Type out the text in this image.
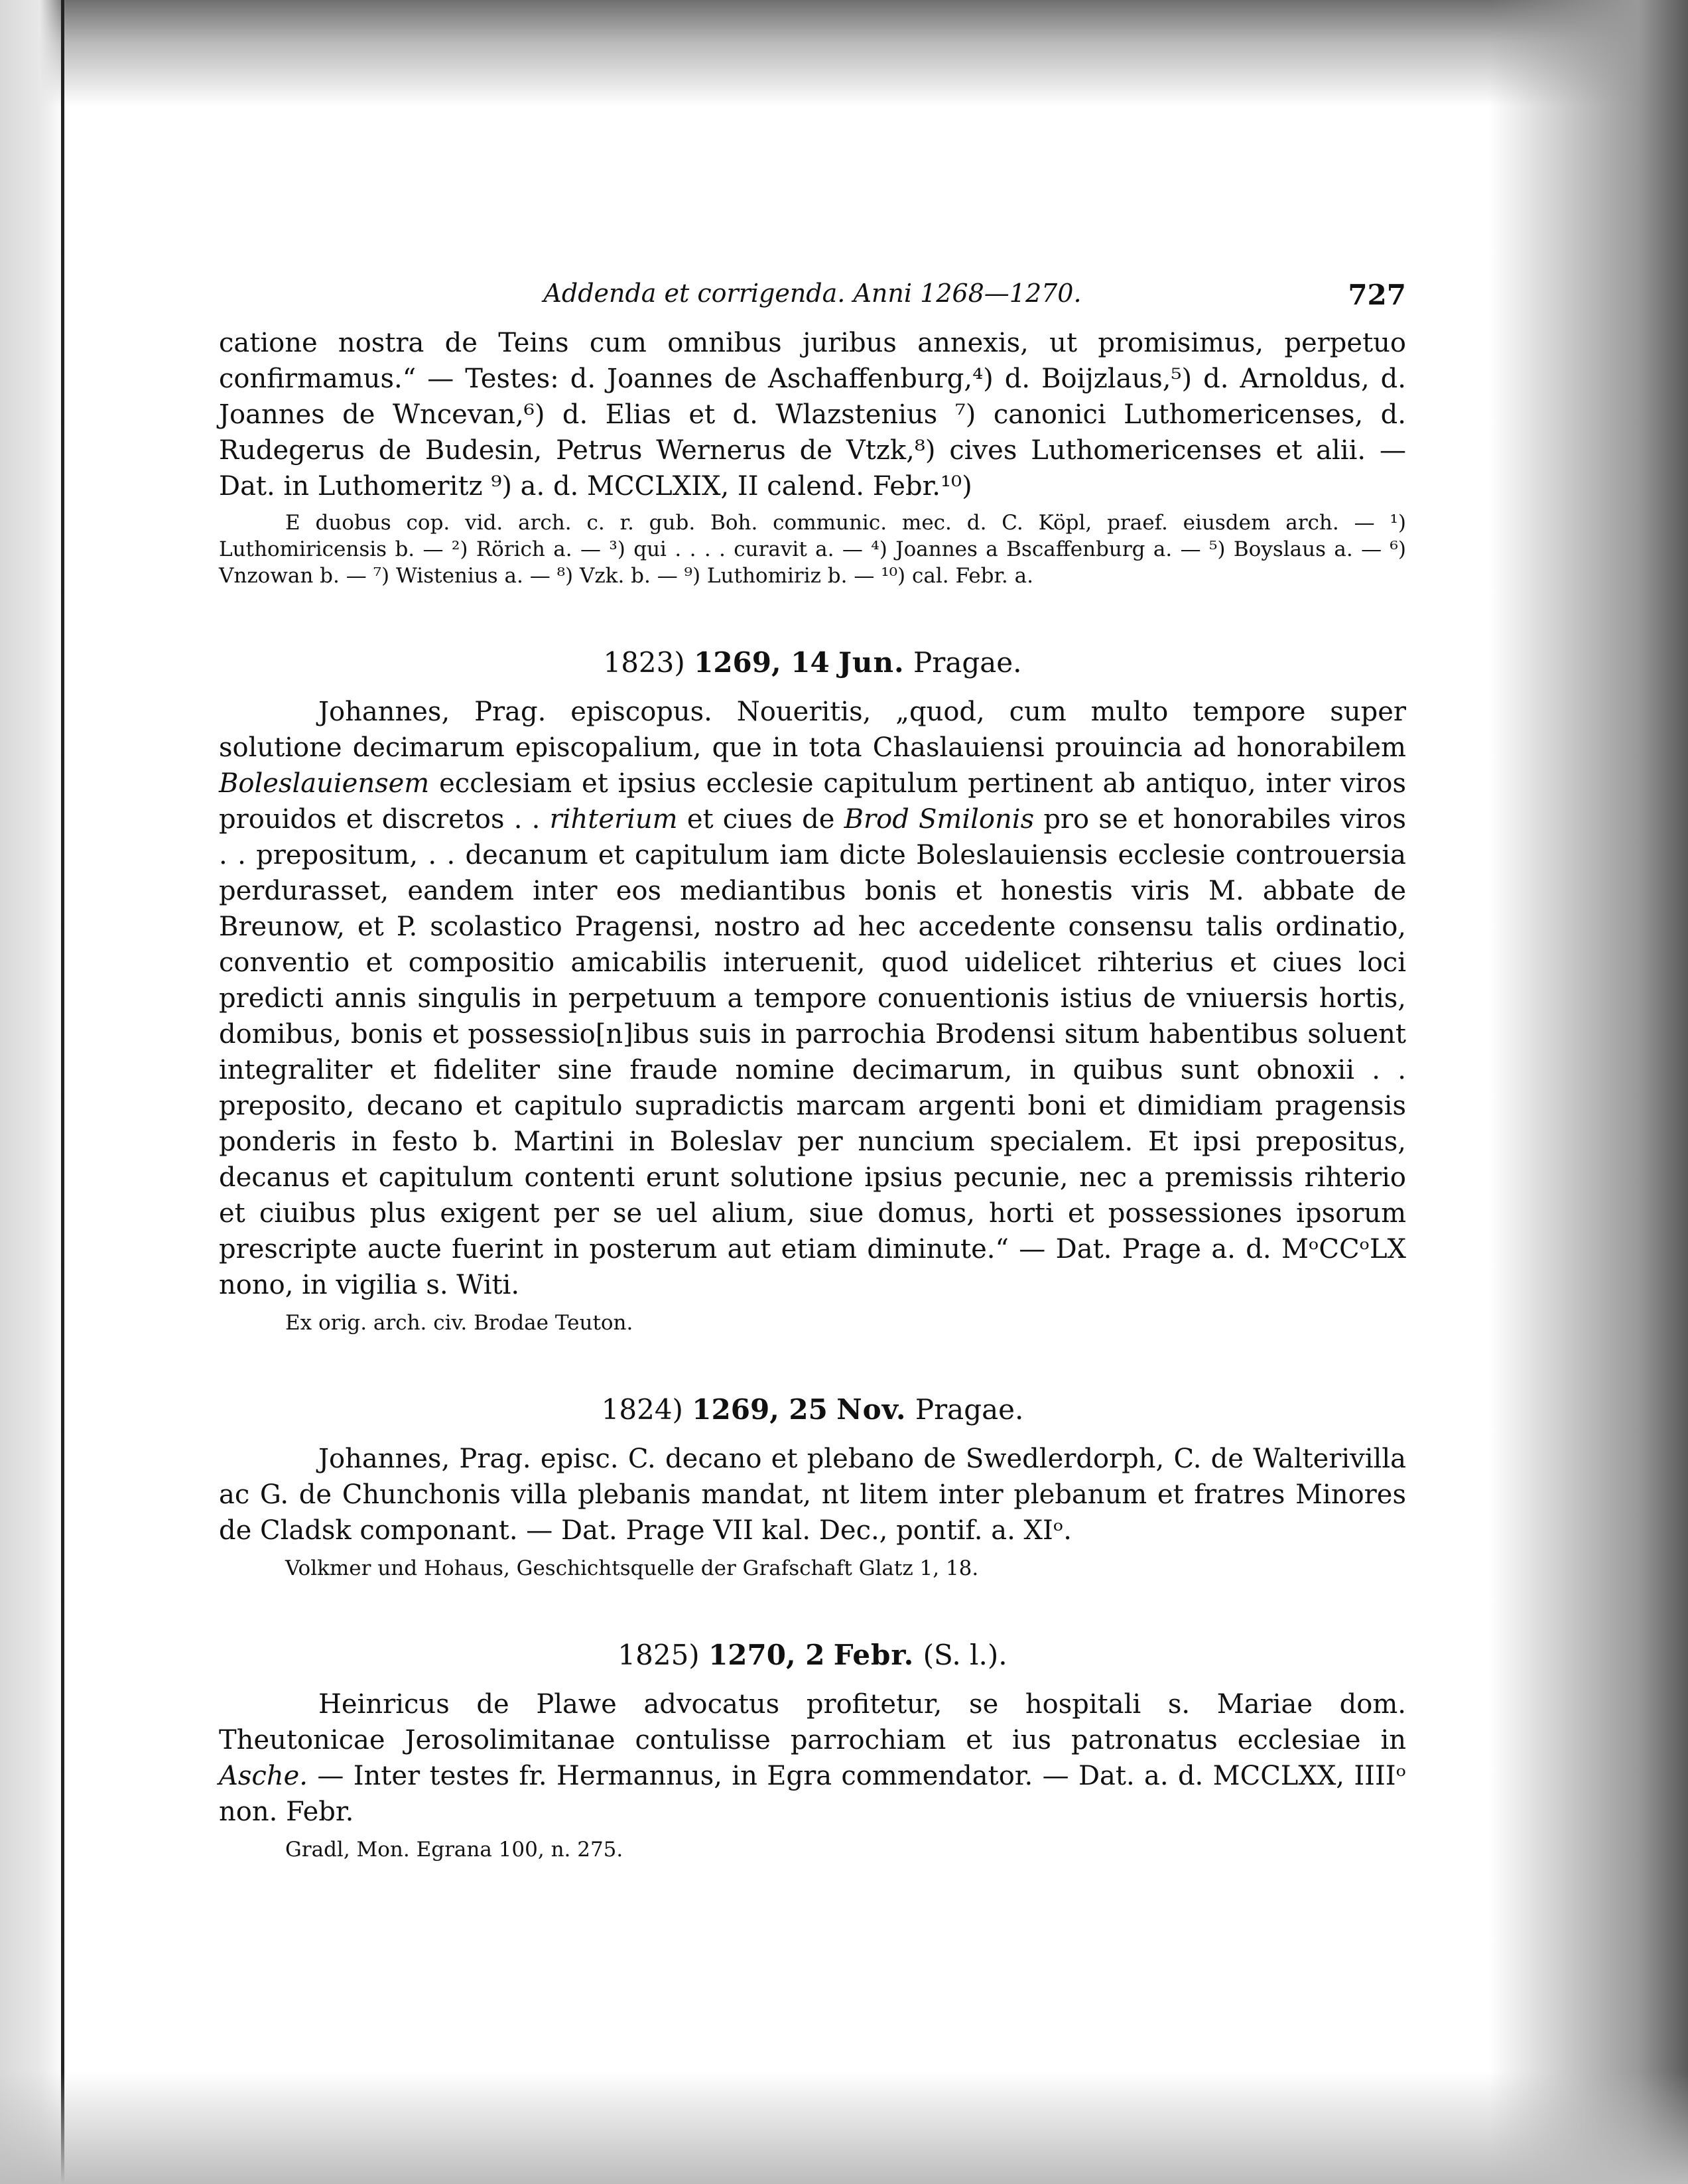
Addenda et corrigenda. Anni 1268—1270.	727

catione nostra de Teins cum omnibus juribus annexis, ut promisimus, perpetuo confirmamus.“ — Testes: d. Joannes de Aschaffenburg,⁴) d. Boijzlaus,⁵) d. Arnoldus, d. Joannes de Wncevan,⁶) d. Elias et d. Wlazstenius ⁷) canonici Luthomericenses, d. Rudegerus de Budesin, Petrus Wernerus de Vtzk,⁸) cives Luthomericenses et alii. — Dat. in Luthomeritz ⁹) a. d. MCCLXIX, II calend. Febr.¹⁰)

E duobus cop. vid. arch. c. r. gub. Boh. communic. mec. d. C. Köpl, praef. eiusdem arch. — ¹) Luthomiricensis b. — ²) Rörich a. — ³) qui . . . . curavit a. — ⁴) Joannes a Bscaffenburg a. — ⁵) Boyslaus a. — ⁶) Vnzowan b. — ⁷) Wistenius a. — ⁸) Vzk. b. — ⁹) Luthomiriz b. — ¹⁰) cal. Febr. a.

1823) 1269, 14 Jun. Pragae.

Johannes, Prag. episcopus. Noueritis, „quod, cum multo tempore super solutione decimarum episcopalium, que in tota Chaslauiensi prouincia ad honorabilem Boleslauiensem ecclesiam et ipsius ecclesie capitulum pertinent ab antiquo, inter viros prouidos et discretos . . rihterium et ciues de Brod Smilonis pro se et honorabiles viros . . prepositum, . . decanum et capitulum iam dicte Boleslauiensis ecclesie controuersia perdurasset, eandem inter eos mediantibus bonis et honestis viris M. abbate de Breunow, et P. scolastico Pragensi, nostro ad hec accedente consensu talis ordinatio, conventio et compositio amicabilis interuenit, quod uidelicet rihterius et ciues loci predicti annis singulis in perpetuum a tempore conuentionis istius de vniuersis hortis, domibus, bonis et possessio[n]ibus suis in parrochia Brodensi situm habentibus soluent integraliter et fideliter sine fraude nomine decimarum, in quibus sunt obnoxii . . preposito, decano et capitulo supradictis marcam argenti boni et dimidiam pragensis ponderis in festo b. Martini in Boleslav per nuncium specialem. Et ipsi prepositus, decanus et capitulum contenti erunt solutione ipsius pecunie, nec a premissis rihterio et ciuibus plus exigent per se uel alium, siue domus, horti et possessiones ipsorum prescripte aucte fuerint in posterum aut etiam diminute.“ — Dat. Prage a. d. MᵒCCᵒLX nono, in vigilia s. Witi.

Ex orig. arch. civ. Brodae Teuton.
1824) 1269, 25 Nov. Pragae.

Johannes, Prag. episc. C. decano et plebano de Swedlerdorph, C. de Walterivilla ac G. de Chunchonis villa plebanis mandat, nt litem inter plebanum et fratres Minores de Cladsk componant. — Dat. Prage VII kal. Dec., pontif. a. XIᵒ.

Volkmer und Hohaus, Geschichtsquelle der Grafschaft Glatz 1, 18.
1825) 1270, 2 Febr. (S. l.).

Heinricus de Plawe advocatus profitetur, se hospitali s. Mariae dom. Theutonicae Jerosolimitanae contulisse parrochiam et ius patronatus ecclesiae in Asche. — Inter testes fr. Hermannus, in Egra commendator. — Dat. a. d. MCCLXX, IIIIᵒ non. Febr.

Gradl, Mon. Egrana 100, n. 275.
